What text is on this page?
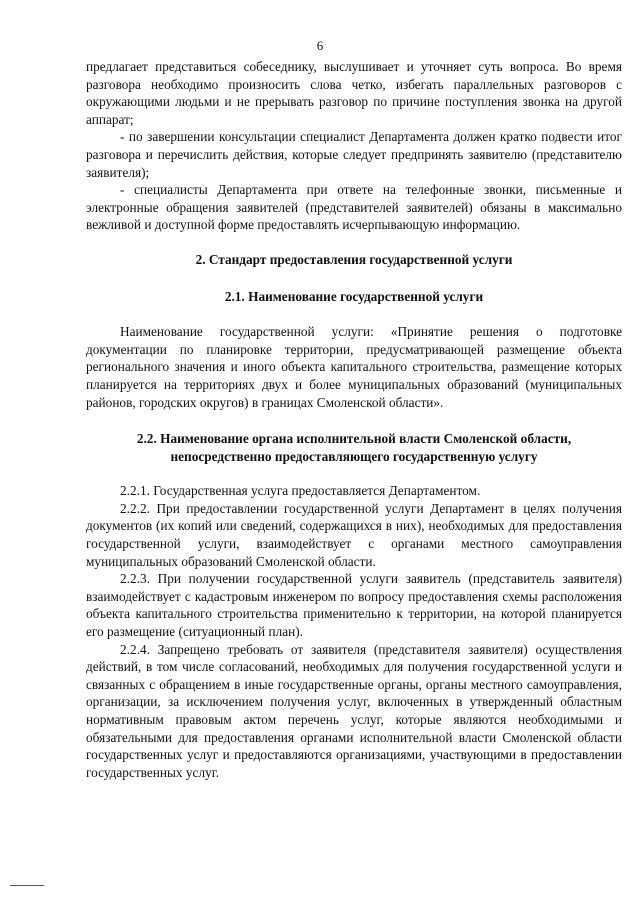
6

предлагает представиться собеседнику, выслушивает и уточняет суть вопроса. Во время разговора необходимо произносить слова четко, избегать параллельных разговоров с окружающими людьми и не прерывать разговор по причине поступления звонка на другой аппарат;

- по завершении консультации специалист Департамента должен кратко подвести итог разговора и перечислить действия, которые следует предпринять заявителю (представителю заявителя);

- специалисты Департамента при ответе на телефонные звонки, письменные и электронные обращения заявителей (представителей заявителей) обязаны в максимально вежливой и доступной форме предоставлять исчерпывающую информацию.

2. Стандарт предоставления государственной услуги
2.1. Наименование государственной услуги

Наименование государственной услуги: «Принятие решения о подготовке документации по планировке территории, предусматривающей размещение объекта регионального значения и иного объекта капитального строительства, размещение которых планируется на территориях двух и более муниципальных образований (муниципальных районов, городских округов) в границах Смоленской области».

2.2. Наименование органа исполнительной власти Смоленской области,
непосредственно предоставляющего государственную услугу

2.2.1. Государственная услуга предоставляется Департаментом.

2.2.2. При предоставлении государственной услуги Департамент в целях получения документов (их копий или сведений, содержащихся в них), необходимых для предоставления государственной услуги, взаимодействует с органами местного самоуправления муниципальных образований Смоленской области.

2.2.3. При получении государственной услуги заявитель (представитель заявителя) взаимодействует с кадастровым инженером по вопросу предоставления схемы расположения объекта капитального строительства применительно к территории, на которой планируется его размещение (ситуационный план).

2.2.4. Запрещено требовать от заявителя (представителя заявителя) осуществления действий, в том числе согласований, необходимых для получения государственной услуги и связанных с обращением в иные государственные органы, органы местного самоуправления, организации, за исключением получения услуг, включенных в утвержденный областным нормативным правовым актом перечень услуг, которые являются необходимыми и обязательными для предоставления органами исполнительной власти Смоленской области государственных услуг и предоставляются организациями, участвующими в предоставлении государственных услуг.
